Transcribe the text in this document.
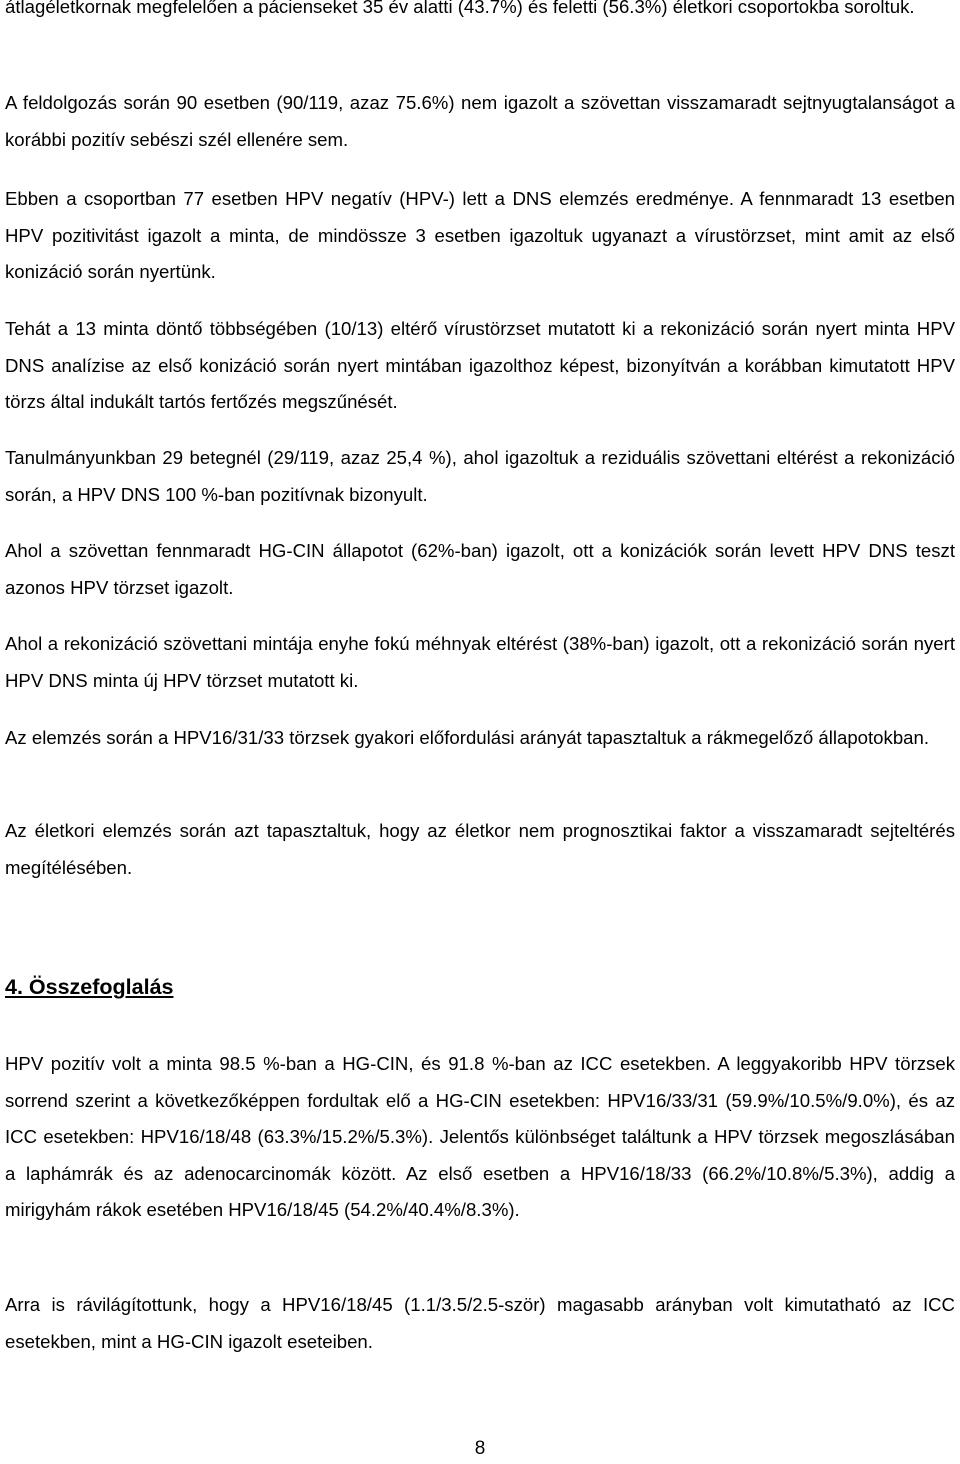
átlagéletkornak megfelelően a pácienseket 35 év alatti (43.7%) és feletti (56.3%) életkori csoportokba soroltuk.

A feldolgozás során 90 esetben (90/119, azaz 75.6%) nem igazolt a szövettan visszamaradt sejtnyugtalanságot a korábbi pozitív sebészi szél ellenére sem.

Ebben a csoportban 77 esetben HPV negatív (HPV-) lett a DNS elemzés eredménye. A fennmaradt 13 esetben HPV pozitivitást igazolt a minta, de mindössze 3 esetben igazoltuk ugyanazt a vírustörzset, mint amit az első konizáció során nyertünk.

Tehát a 13 minta döntő többségében (10/13) eltérő vírustörzset mutatott ki a rekonizáció során nyert minta HPV DNS analízise az első konizáció során nyert mintában igazolthoz képest, bizonyítván a korábban kimutatott HPV törzs által indukált tartós fertőzés megszűnését.

Tanulmányunkban 29 betegnél (29/119, azaz 25,4 %), ahol igazoltuk a reziduális szövettani eltérést a rekonizáció során, a HPV DNS 100 %-ban pozitívnak bizonyult.

Ahol a szövettan fennmaradt HG-CIN állapotot (62%-ban) igazolt, ott a konizációk során levett HPV DNS teszt azonos HPV törzset igazolt.

Ahol a rekonizáció szövettani mintája enyhe fokú méhnyak eltérést (38%-ban) igazolt, ott a rekonizáció során nyert HPV DNS minta új HPV törzset mutatott ki.

Az elemzés során a HPV16/31/33 törzsek gyakori előfordulási arányát tapasztaltuk a rákmegelőző állapotokban.

Az életkori elemzés során azt tapasztaltuk, hogy az életkor nem prognosztikai faktor a visszamaradt sejteltérés megítélésében.

4. Összefoglalás

HPV pozitív volt a minta 98.5 %-ban a HG-CIN, és 91.8 %-ban az ICC esetekben. A leggyakoribb HPV törzsek sorrend szerint a következőképpen fordultak elő a HG-CIN esetekben: HPV16/33/31 (59.9%/10.5%/9.0%), és az ICC esetekben: HPV16/18/48 (63.3%/15.2%/5.3%). Jelentős különbséget találtunk a HPV törzsek megoszlásában a laphámrák és az adenocarcinomák között. Az első esetben a HPV16/18/33 (66.2%/10.8%/5.3%), addig a mirigyhám rákok esetében HPV16/18/45 (54.2%/40.4%/8.3%).

Arra is rávilágítottunk, hogy a HPV16/18/45 (1.1/3.5/2.5-ször) magasabb arányban volt kimutatható az ICC esetekben, mint a HG-CIN igazolt eseteiben.

8
